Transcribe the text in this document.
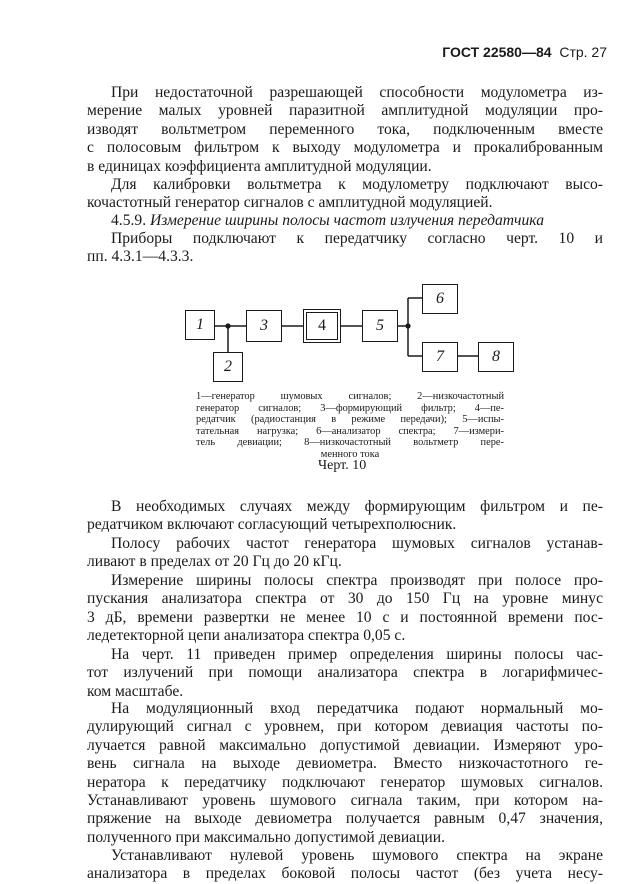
ГОСТ 22580—84 Стр. 27
При недостаточной разрешающей способности модулометра из-
мерение малых уровней паразитной амплитудной модуляции про-
изводят вольтметром переменного тока, подключенным вместе
с полосовым фильтром к выходу модулометра и прокалиброванным
в единицах коэффициента амплитудной модуляции.
Для калибровки вольтметра к модулометру подключают высо-
кочастотный генератор сигналов с амплитудной модуляцией.
4.5.9. Измерение ширины полосы частот излучения передатчика
Приборы подключают к передатчику согласно черт. 10 и
пп. 4.3.1—4.3.3.
1
2
3	4	5
6
7	8
1—генератор шумовых сигналов; 2—низкочастотный
генератор сигналов; 3—формирующий фильтр; 4—пе-
редатчик (радиостанция в режиме передачи); 5—испы-
тательная нагрузка; 6—анализатор спектра; 7—измери-
тель девиации; 8—низкочастотный вольтметр пере-
менного тока
Черт. 10
В необходимых случаях между формирующим фильтром и пе-
редатчиком включают согласующий четырехполюсник.
Полосу рабочих частот генератора шумовых сигналов устанав-
ливают в пределах от 20 Гц до 20 кГц.
Измерение ширины полосы спектра производят при полосе про-
пускания анализатора спектра от 30 до 150 Гц на уровне минус
3 дБ, времени развертки не менее 10 с и постоянной времени пос-
ледетекторной цепи анализатора спектра 0,05 с.
На черт. 11 приведен пример определения ширины полосы час-
тот излучений при помощи анализатора спектра в логарифмичес-
ком масштабе.
На модуляционный вход передатчика подают нормальный мо-
дулирующий сигнал с уровнем, при котором девиация частоты по-
лучается равной максимально допустимой девиации. Измеряют уро-
вень сигнала на выходе девиометра. Вместо низкочастотного ге-
нератора к передатчику подключают генератор шумовых сигналов.
Устанавливают уровень шумового сигнала таким, при котором на-
пряжение на выходе девиометра получается равным 0,47 значения,
полученного при максимально допустимой девиации.
Устанавливают нулевой уровень шумового спектра на экране
анализатора в пределах боковой полосы частот (без учета несу-
